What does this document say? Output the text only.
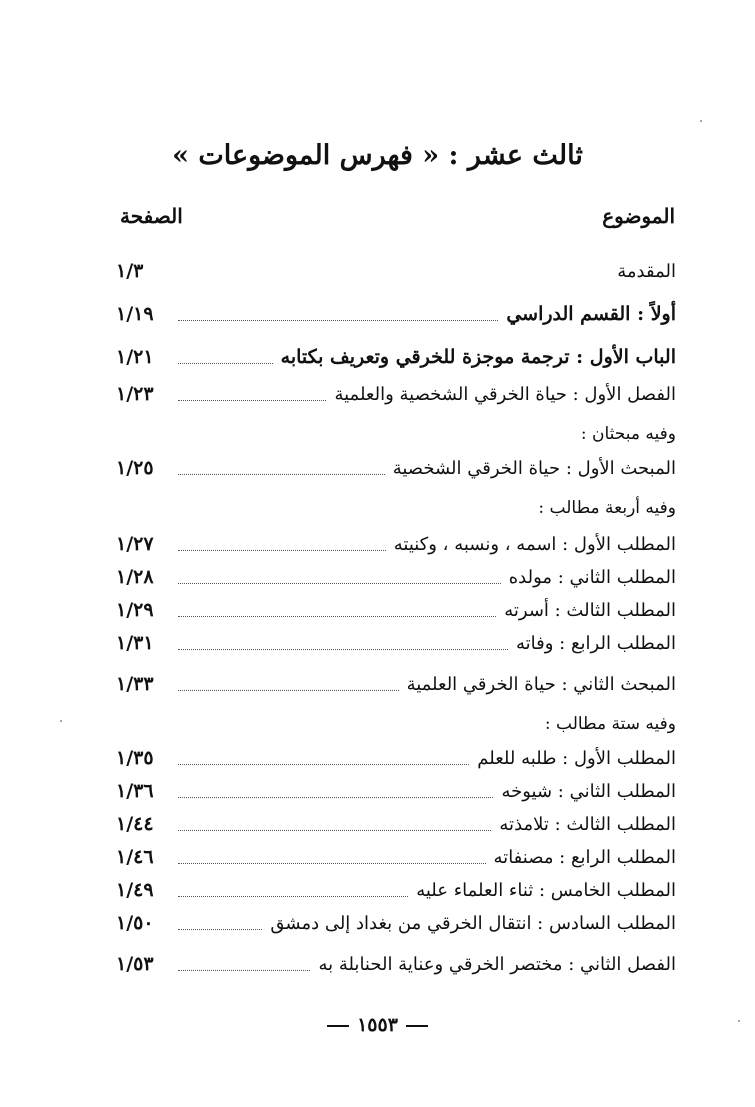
ثالث عشر : « فهرس الموضوعات »
الموضوع
الصفحة
المقدمة
١/٣
أولاً : القسم الدراسي
١/١٩
الباب الأول : ترجمة موجزة للخرقي وتعريف بكتابه
١/٢١
الفصل الأول : حياة الخرقي الشخصية والعلمية
١/٢٣
وفيه مبحثان :
المبحث الأول : حياة الخرقي الشخصية
١/٢٥
وفيه أربعة مطالب :
المطلب الأول : اسمه ، ونسبه ، وكنيته
١/٢٧
المطلب الثاني : مولده
١/٢٨
المطلب الثالث : أسرته
١/٢٩
المطلب الرابع : وفاته
١/٣١
المبحث الثاني : حياة الخرقي العلمية
١/٣٣
وفيه ستة مطالب :
المطلب الأول : طلبه للعلم
١/٣٥
المطلب الثاني : شيوخه
١/٣٦
المطلب الثالث : تلامذته
١/٤٤
المطلب الرابع : مصنفاته
١/٤٦
المطلب الخامس : ثناء العلماء عليه
١/٤٩
المطلب السادس : انتقال الخرقي من بغداد إلى دمشق
١/٥٠
الفصل الثاني : مختصر الخرقي وعناية الحنابلة به
١/٥٣
١٥٥٣
